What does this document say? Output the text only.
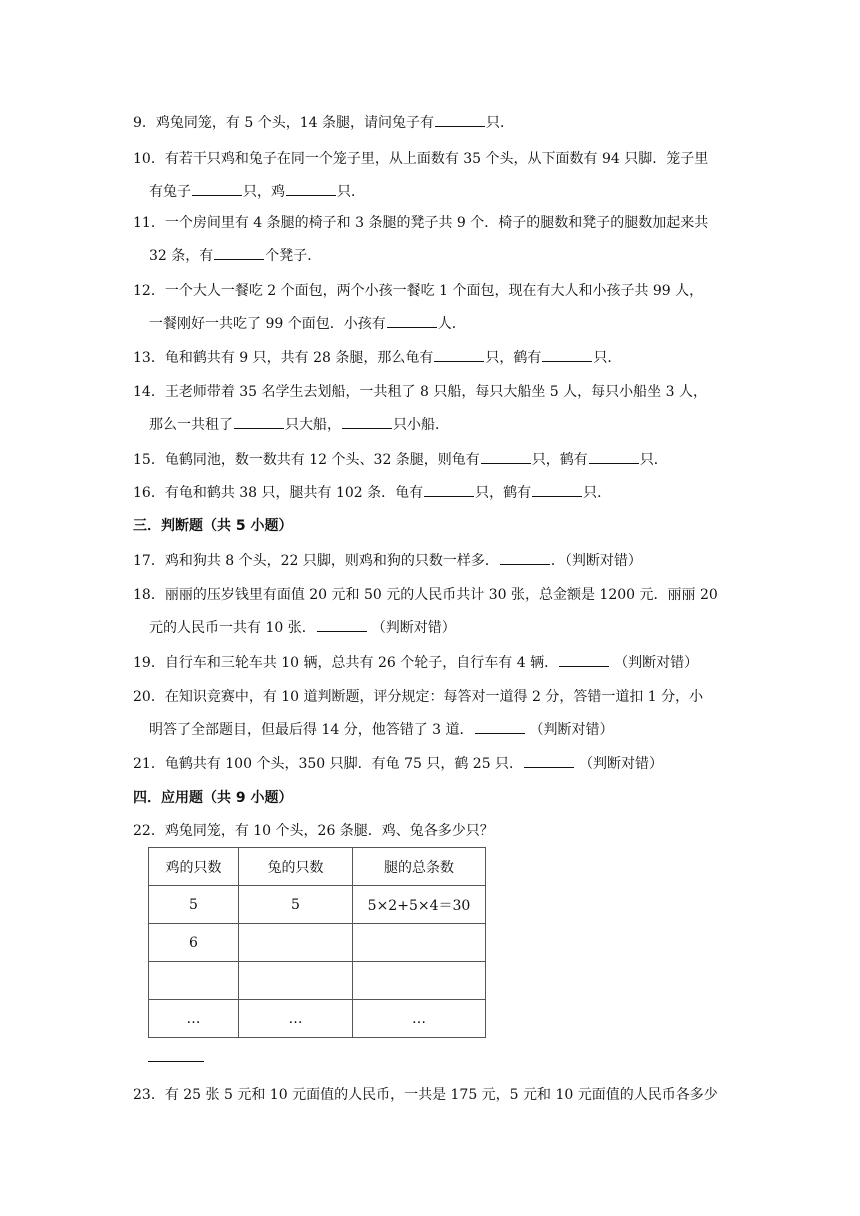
9．鸡兔同笼，有 5 个头，14 条腿，请问兔子有	只．
10．有若干只鸡和兔子在同一个笼子里，从上面数有 35 个头，从下面数有 94 只脚．笼子里
有兔子	只，鸡	只．
11．一个房间里有 4 条腿的椅子和 3 条腿的凳子共 9 个．椅子的腿数和凳子的腿数加起来共
32 条，有	个凳子．
12．一个大人一餐吃 2 个面包，两个小孩一餐吃 1 个面包，现在有大人和小孩子共 99 人，
一餐刚好一共吃了 99 个面包．小孩有	人．
13．龟和鹤共有 9 只，共有 28 条腿，那么龟有	只，鹤有	只．
14．王老师带着 35 名学生去划船，一共租了 8 只船，每只大船坐 5 人，每只小船坐 3 人，
那么一共租了	只大船，	只小船．
15．龟鹤同池，数一数共有 12 个头、32 条腿，则龟有	只，鹤有	只．
16．有龟和鹤共 38 只，腿共有 102 条．龟有	只，鹤有	只．
三．判断题（共 5 小题）
17．鸡和狗共 8 个头，22 只脚，则鸡和狗的只数一样多．	．（判断对错）
18．丽丽的压岁钱里有面值 20 元和 50 元的人民币共计 30 张，总金额是 1200 元．丽丽 20
元的人民币一共有 10 张．	（判断对错）
19．自行车和三轮车共 10 辆，总共有 26 个轮子，自行车有 4 辆．	（判断对错）
20．在知识竞赛中，有 10 道判断题，评分规定：每答对一道得 2 分，答错一道扣 1 分，小
明答了全部题目，但最后得 14 分，他答错了 3 道．	（判断对错）
21．龟鹤共有 100 个头，350 只脚．有龟 75 只，鹤 25 只．	（判断对错）
四．应用题（共 9 小题）
22．鸡兔同笼，有 10 个头，26 条腿．鸡、兔各多少只？
鸡的只数	兔的只数	腿的总条数
5	5	5×2+5×4＝30
6		

…	…	…
23．有 25 张 5 元和 10 元面值的人民币，一共是 175 元，5 元和 10 元面值的人民币各多少
